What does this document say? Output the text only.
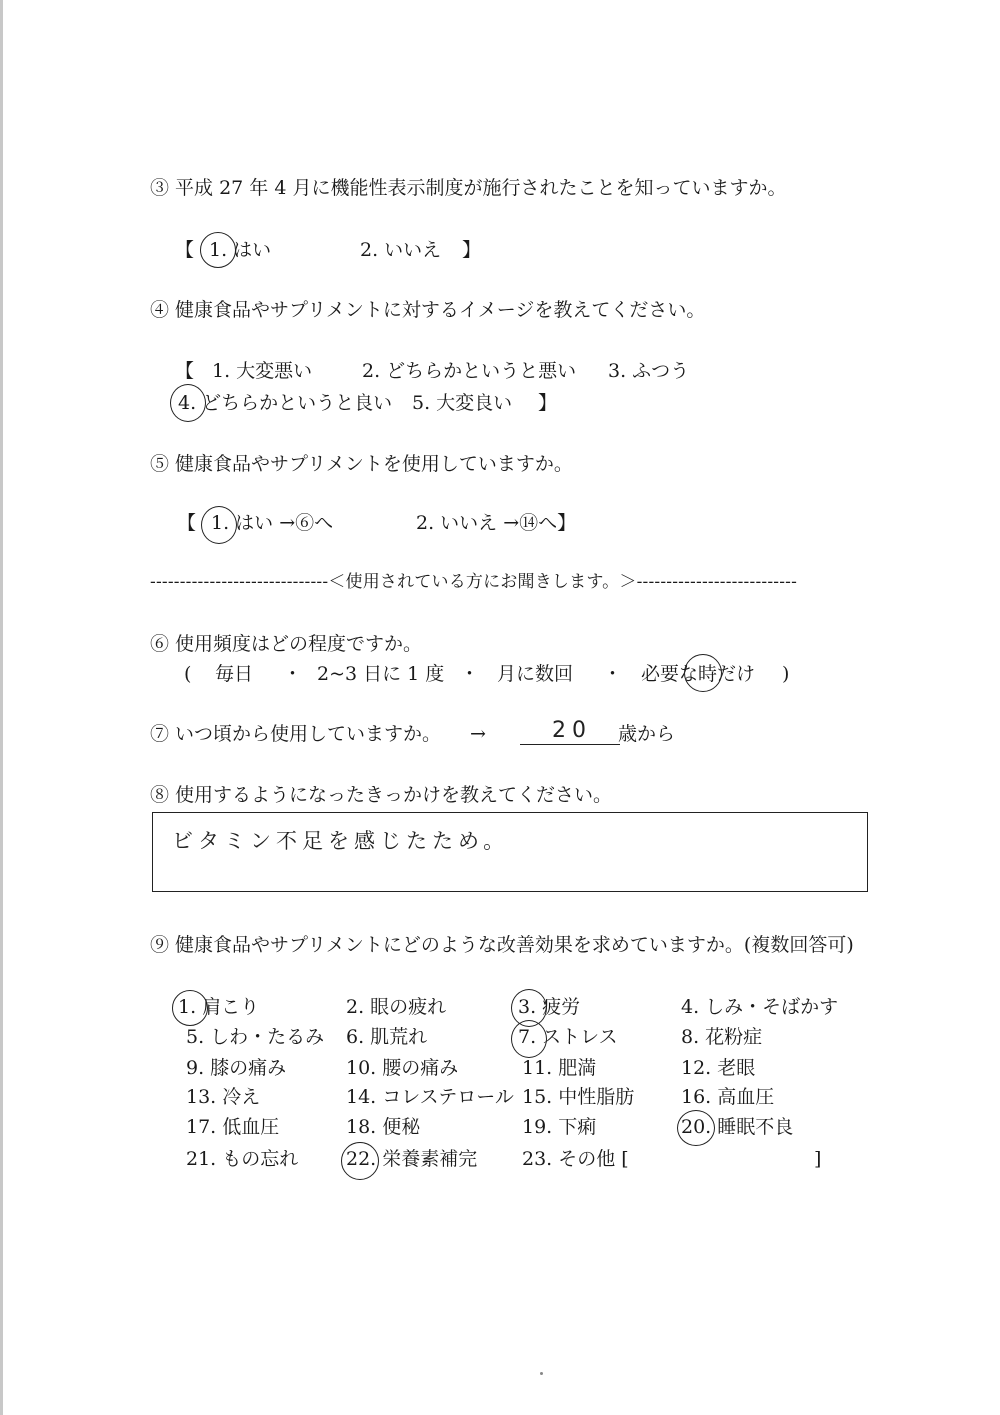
③ 平成 27 年 4 月に機能性表示制度が施行されたことを知っていますか。
【 1. はい	2. いいえ 】
④ 健康食品やサプリメントに対するイメージを教えてください。
【 1. 大変悪い	2. どちらかというと悪い 3. ふつう
4. どちらかというと良い 5. 大変良い 】
⑤ 健康食品やサプリメントを使用していますか。
【 1. はい →⑥へ	2. いいえ →⑭へ】
------------------------------＜使用されている方にお聞きします。＞---------------------------
⑥ 使用頻度はどの程度ですか。
( 毎日 ・ 2~3 日に 1 度 ・ 月に数回 ・ 必要な時だけ )
⑦ いつ頃から使用していますか。 →	20 歳から
⑧ 使用するようになったきっかけを教えてください。
ビタミン不足を感じたため。
⑨ 健康食品やサプリメントにどのような改善効果を求めていますか。(複数回答可)
1. 肩こり	2. 眼の疲れ	3. 疲労	4. しみ・そばかす
5. しわ・たるみ 6. 肌荒れ	7. ストレス	8. 花粉症
9. 膝の痛み	10. 腰の痛み	11. 肥満	12. 老眼
13. 冷え	14. コレステロール 15. 中性脂肪 16. 高血圧
17. 低血圧	18. 便秘	19. 下痢	20. 睡眠不良
21. もの忘れ	22. 栄養素補完 23. その他 [	]
